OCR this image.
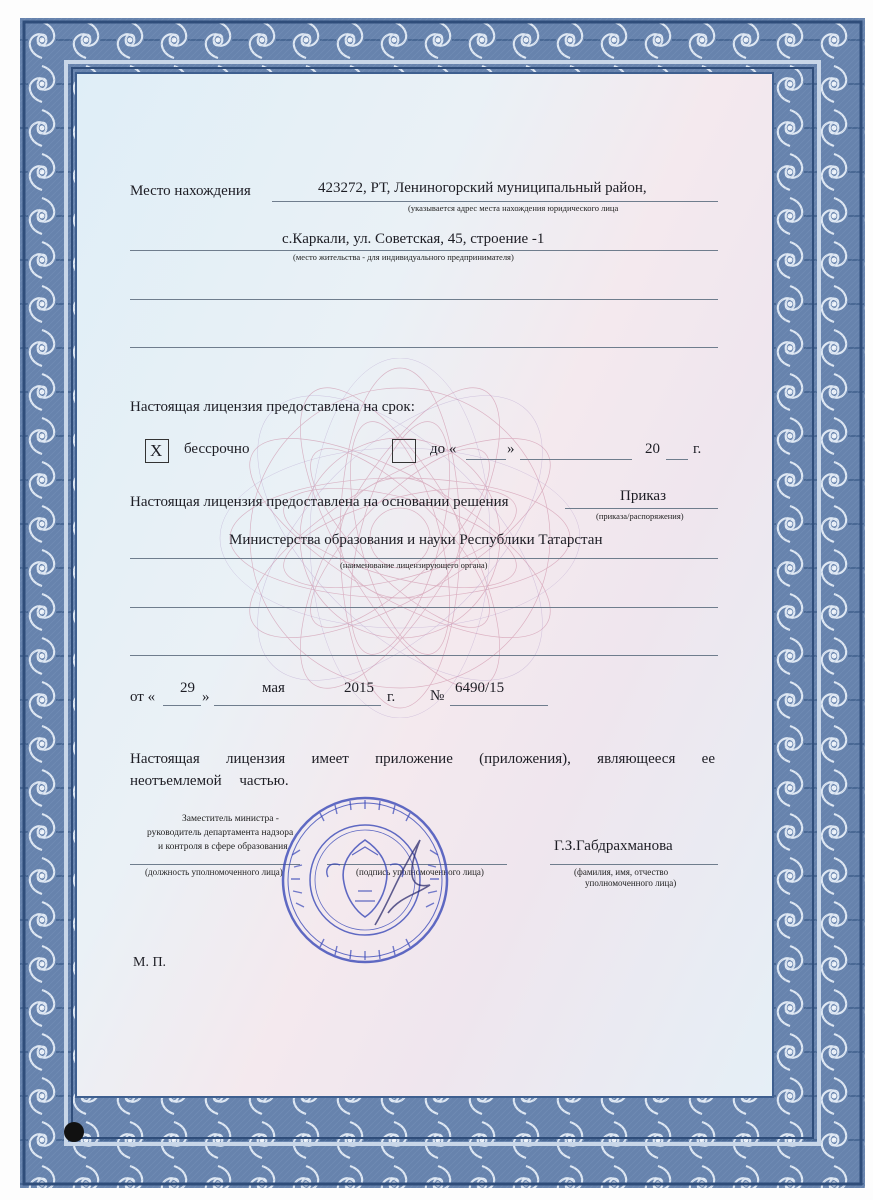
Место нахождения	423272, РТ, Лениногорский муниципальный район,
(указывается адрес места нахождения юридического лица
с.Каркали, ул. Советская, 45, строение -1
(место жительства - для индивидуального предпринимателя)
Настоящая лицензия предоставлена на срок:
X бессрочно	до «	»	20 г.
Настоящая лицензия предоставлена на основании решения	Приказ
(приказа/распоряжения)
Министерства образования и науки Республики Татарстан
(наименование лицензирующего органа)
от «
29
»
мая	2015
г. № 6490/15
Настоящая лицензия имеет приложение (приложения), являющееся ее
неотъемлемой частью.
Заместитель министра -
руководитель департамента надзора
и контроля в сфере образования
(должность уполномоченного лица)	(подпись уполномоченного лица)
Г.З.Габдрахманова
(фамилия, имя, отчество
уполномоченного лица)
М. П.
